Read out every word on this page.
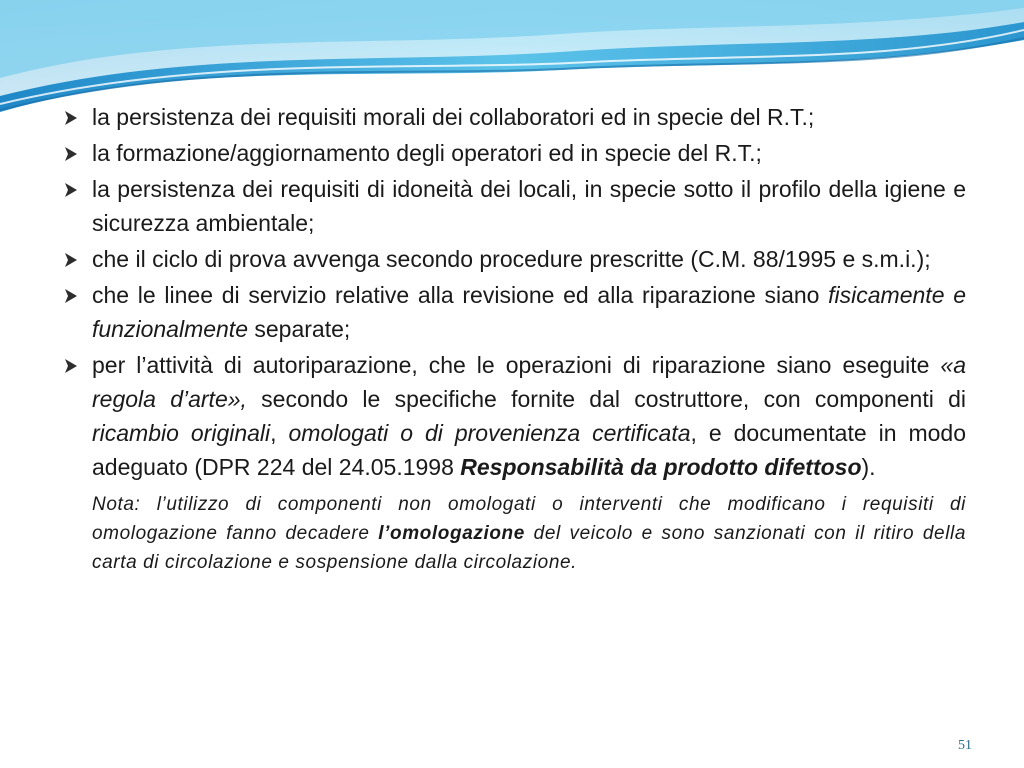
la persistenza dei requisiti morali dei collaboratori ed in specie del R.T.;
la formazione/aggiornamento degli operatori ed in specie del R.T.;
la persistenza dei requisiti di idoneità dei locali, in specie sotto il profilo della igiene e sicurezza ambientale;
che il ciclo di prova avvenga secondo procedure prescritte (C.M. 88/1995 e s.m.i.);
che le linee di servizio relative alla revisione ed alla riparazione siano fisicamente e funzionalmente separate;
per l’attività di autoriparazione, che le operazioni di riparazione siano eseguite «a regola d’arte», secondo le specifiche fornite dal costruttore, con componenti di ricambio originali, omologati o di provenienza certificata, e documentate in modo adeguato (DPR 224 del 24.05.1998 Responsabilità da prodotto difettoso).
Nota: l’utilizzo di componenti non omologati o interventi che modificano i requisiti di omologazione fanno decadere l’omologazione del veicolo e sono sanzionati con il ritiro della carta di circolazione e sospensione dalla circolazione.
51
